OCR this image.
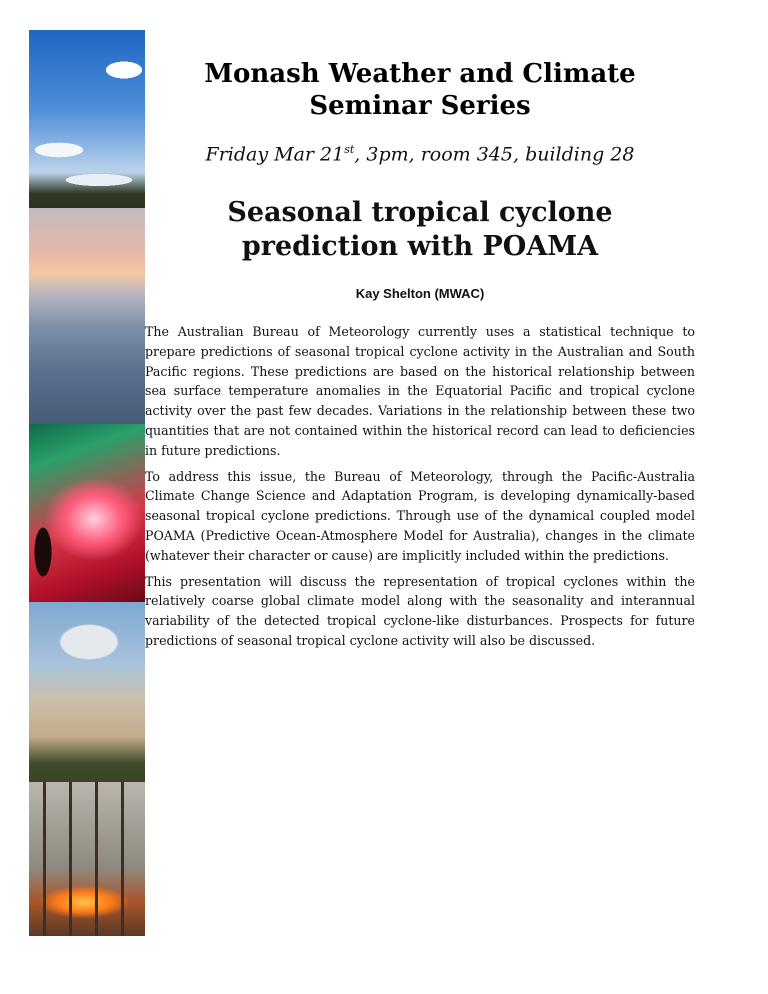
Monash Weather and Climate Seminar Series
Friday Mar 21st, 3pm, room 345, building 28
Seasonal tropical cyclone prediction with POAMA
Kay Shelton (MWAC)

The Australian Bureau of Meteorology currently uses a statistical technique to prepare predictions of seasonal tropical cyclone activity in the Australian and South Pacific regions. These predictions are based on the historical relationship between sea surface temperature anomalies in the Equatorial Pacific and tropical cyclone activity over the past few decades. Variations in the relationship between these two quantities that are not contained within the historical record can lead to deficiencies in future predictions.

To address this issue, the Bureau of Meteorology, through the Pacific-Australia Climate Change Science and Adaptation Program, is developing dynamically-based seasonal tropical cyclone predictions. Through use of the dynamical coupled model POAMA (Predictive Ocean-Atmosphere Model for Australia), changes in the climate (whatever their character or cause) are implicitly included within the predictions.

This presentation will discuss the representation of tropical cyclones within the relatively coarse global climate model along with the seasonality and interannual variability of the detected tropical cyclone-like disturbances. Prospects for future predictions of seasonal tropical cyclone activity will also be discussed.
